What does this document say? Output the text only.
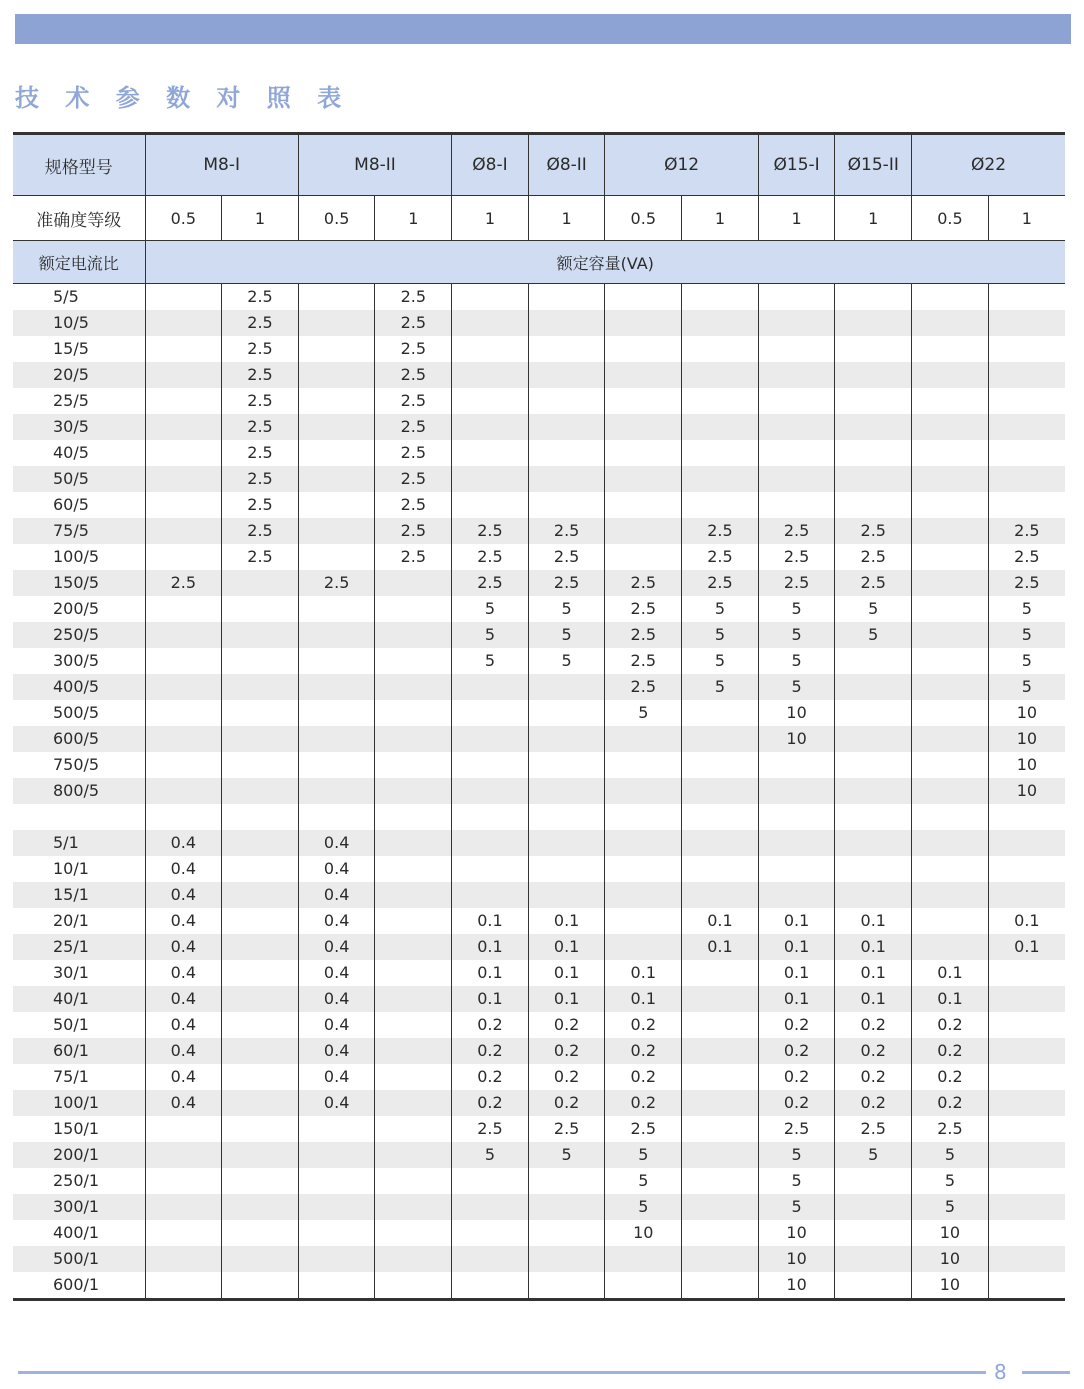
技 术 参 数 对 照 表
规格型号	M8-I		M8-II		Ø8-I	Ø8-II	Ø12		Ø15-I	Ø15-II	Ø22	
准确度等级	0.5	1	0.5	1	1	1	0.5	1	1	1	0.5	1
额定电流比	额定容量(VA)											
5/5		2.5		2.5								
10/5		2.5		2.5								
15/5		2.5		2.5								
20/5		2.5		2.5								
25/5		2.5		2.5								
30/5		2.5		2.5								
40/5		2.5		2.5								
50/5		2.5		2.5								
60/5		2.5		2.5								
75/5		2.5		2.5	2.5	2.5		2.5	2.5	2.5		2.5
100/5		2.5		2.5	2.5	2.5		2.5	2.5	2.5		2.5
150/5	2.5		2.5		2.5	2.5	2.5	2.5	2.5	2.5		2.5
200/5					5	5	2.5	5	5	5		5
250/5					5	5	2.5	5	5	5		5
300/5					5	5	2.5	5	5			5
400/5							2.5	5	5			5
500/5							5		10			10
600/5									10			10
750/5												10
800/5												10

5/1	0.4		0.4									
10/1	0.4		0.4									
15/1	0.4		0.4									
20/1	0.4		0.4		0.1	0.1		0.1	0.1	0.1		0.1
25/1	0.4		0.4		0.1	0.1		0.1	0.1	0.1		0.1
30/1	0.4		0.4		0.1	0.1	0.1		0.1	0.1	0.1	
40/1	0.4		0.4		0.1	0.1	0.1		0.1	0.1	0.1	
50/1	0.4		0.4		0.2	0.2	0.2		0.2	0.2	0.2	
60/1	0.4		0.4		0.2	0.2	0.2		0.2	0.2	0.2	
75/1	0.4		0.4		0.2	0.2	0.2		0.2	0.2	0.2	
100/1	0.4		0.4		0.2	0.2	0.2		0.2	0.2	0.2	
150/1					2.5	2.5	2.5		2.5	2.5	2.5	
200/1					5	5	5		5	5	5	
250/1							5		5		5	
300/1							5		5		5	
400/1							10		10		10	
500/1									10		10	
600/1									10		10	
8
